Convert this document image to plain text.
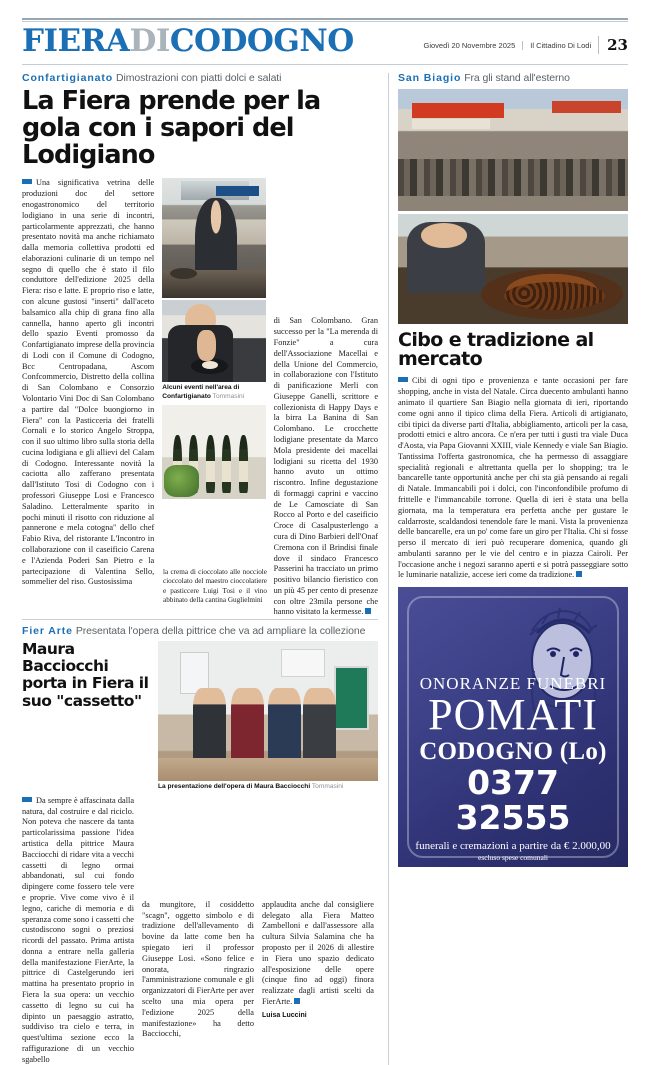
FIERADICODOGNO	Giovedì 20 Novembre 2025	Il Cittadino Di Lodi	23
Confartigianato Dimostrazioni con piatti dolci e salati
La Fiera prende per la gola con i sapori del Lodigiano

Una significativa vetrina delle produzioni doc del settore enogastronomico del territorio lodigiano in una serie di incontri, particolarmente apprezzati, che hanno presentato novità ma anche richiamato dalla memoria collettiva prodotti ed elaborazioni culinarie di un tempo nel segno di quello che è stato il filo conduttore dell'edizione 2025 della Fiera: riso e latte. E proprio riso e latte, con alcune gustosi "inserti" dall'aceto balsamico alla chip di grana fino alla cannella, hanno aperto gli incontri dello spazio Eventi promosso da Confartigianato imprese della provincia di Lodi con il Comune di Codogno, Bcc Centropadana, Ascom Confcommercio, Distretto della collina di San Colombano e Consorzio Volontario Vini Doc di San Colombano a partire dal "Dolce buongiorno in Fiera" con la Pasticceria dei fratelli Cornali e lo storico Angelo Stroppa, con il suo ultimo libro sulla storia della cucina lodigiana e gli allievi del Calam di Codogno. Interessante novità la caciotta allo zafferano presentata dall'Istituto Tosi di Codogno con i professori Giuseppe Losi e Francesco Saladino. Letteralmente sparito in pochi minuti il risotto con riduzione al pannerone e mela cotogna" dello chef Fabio Riva, del ristorante L'Incontro in collaborazione con il caseificio Carena e l'Azienda Poderi San Pietro e la partecipazione di Valentina Sello, sommelier del riso. Gustosissima

Alcuni eventi nell'area di Confartigianato Tommasini

di San Colombano. Gran successo per la "La merenda di Fonzie" a cura dell'Associazione Macellai e della Unione del Commercio, in collaborazione con l'Istituto di panificazione Merli con Giuseppe Ganelli, scrittore e collezionista di Happy Days e la birra La Banina di San Colombano. Le crocchette lodigiane presentate da Marco Mola presidente dei macellai lodigiani su ricetta del 1930 hanno avuto un ottimo riscontro. Infine degustazione di formaggi caprini e vaccino de Le Camosciate di San Rocco al Porto e del caseificio Croce di Casalpusterlengo a cura di Dino Barbieri dell'Onaf Cremona con il Brindisi finale dove il sindaco Francesco Passerini ha tracciato un primo positivo bilancio fieristico con un più 45 per cento di presenze con oltre 23mila persone che hanno visitato la kermesse.

la crema di cioccolato alle nocciole cioccolato del maestro cioccolatiere e pasticcere Luigi Tosi e il vino abbinato della cantina Guglielmini
Fier Arte Presentata l'opera della pittrice che va ad ampliare la collezione
Maura Bacciocchi porta in Fiera il suo "cassetto"
La presentazione dell'opera di Maura Bacciocchi Tommasini

Da sempre è affascinata dalla natura, dal costruire e dal riciclo. Non poteva che nascere da tanta particolarissima passione l'idea artistica della pittrice Maura Bacciocchi di ridare vita a vecchi cassetti di legno ormai abbandonati, sul cui fondo dipingere come fossero tele vere e proprie. Vive come vivo è il legno, cariche di memoria e di speranza come sono i cassetti che custodiscono sogni o preziosi ricordi del passato. Prima artista donna a entrare nella galleria della manifestazione FierArte, la pittrice di Castelgerundo ieri mattina ha presentato proprio in Fiera la sua opera: un vecchio cassetto di legno su cui ha dipinto un paesaggio astratto, suddiviso tra cielo e terra, in quest'ultima sezione ecco la raffigurazione di un vecchio sgabello

da mungitore, il cosiddetto "scagn", oggetto simbolo e di tradizione dell'allevamento di bovine da latte come ben ha spiegato ieri il professor Giuseppe Losi. «Sono felice e onorata, ringrazio l'amministrazione comunale e gli organizzatori di FierArte per aver scelto una mia opera per l'edizione 2025 della manifestazione» ha detto Bacciocchi,

applaudita anche dal consigliere delegato alla Fiera Matteo Zambelloni e dall'assessore alla cultura Silvia Salamina che ha proposto per il 2026 di allestire in Fiera uno spazio dedicato all'esposizione delle opere (cinque fino ad oggi) finora realizzate dagli artisti scelti da FierArte.

Luisa Luccini
San Biagio Fra gli stand all'esterno
Cibo e tradizione al mercato

Cibi di ogni tipo e provenienza e tante occasioni per fare shopping, anche in vista del Natale. Circa duecento ambulanti hanno animato il quartiere San Biagio nella giornata di ieri, riportando come ogni anno il tipico clima della Fiera. Articoli di artigianato, cibi tipici da diverse parti d'Italia, abbigliamento, articoli per la casa, prodotti etnici e altro ancora. Ce n'era per tutti i gusti tra viale Duca d'Aosta, via Papa Giovanni XXIII, viale Kennedy e viale San Biagio. Tantissima l'offerta gastronomica, che ha permesso di assaggiare specialità regionali e altrettanta quella per lo shopping; tra le bancarelle tante opportunità anche per chi sta già pensando ai regali di Natale. Immancabili poi i dolci, con l'inconfondibile profumo di frittelle e l'immancabile torrone. Quella di ieri è stata una bella giornata, ma la temperatura era perfetta anche per gustare le caldarroste, scaldandosi tenendole fare le mani. Vista la provenienza delle bancarelle, era un po' come fare un giro per l'Italia. Chi si fosse perso il mercato di ieri può recuperare domenica, quando gli ambulanti saranno per le vie del centro e in piazza Cairoli. Per l'occasione anche i negozi saranno aperti e si potrà passeggiare sotto le luminarie natalizie, accese ieri come da tradizione.

ONORANZE FUNEBRI
POMATI
CODOGNO (Lo)
0377 32555
funerali e cremazioni a partire da € 2.000,00
escluso spese comunali
www.gruppoberettagaetano.it
